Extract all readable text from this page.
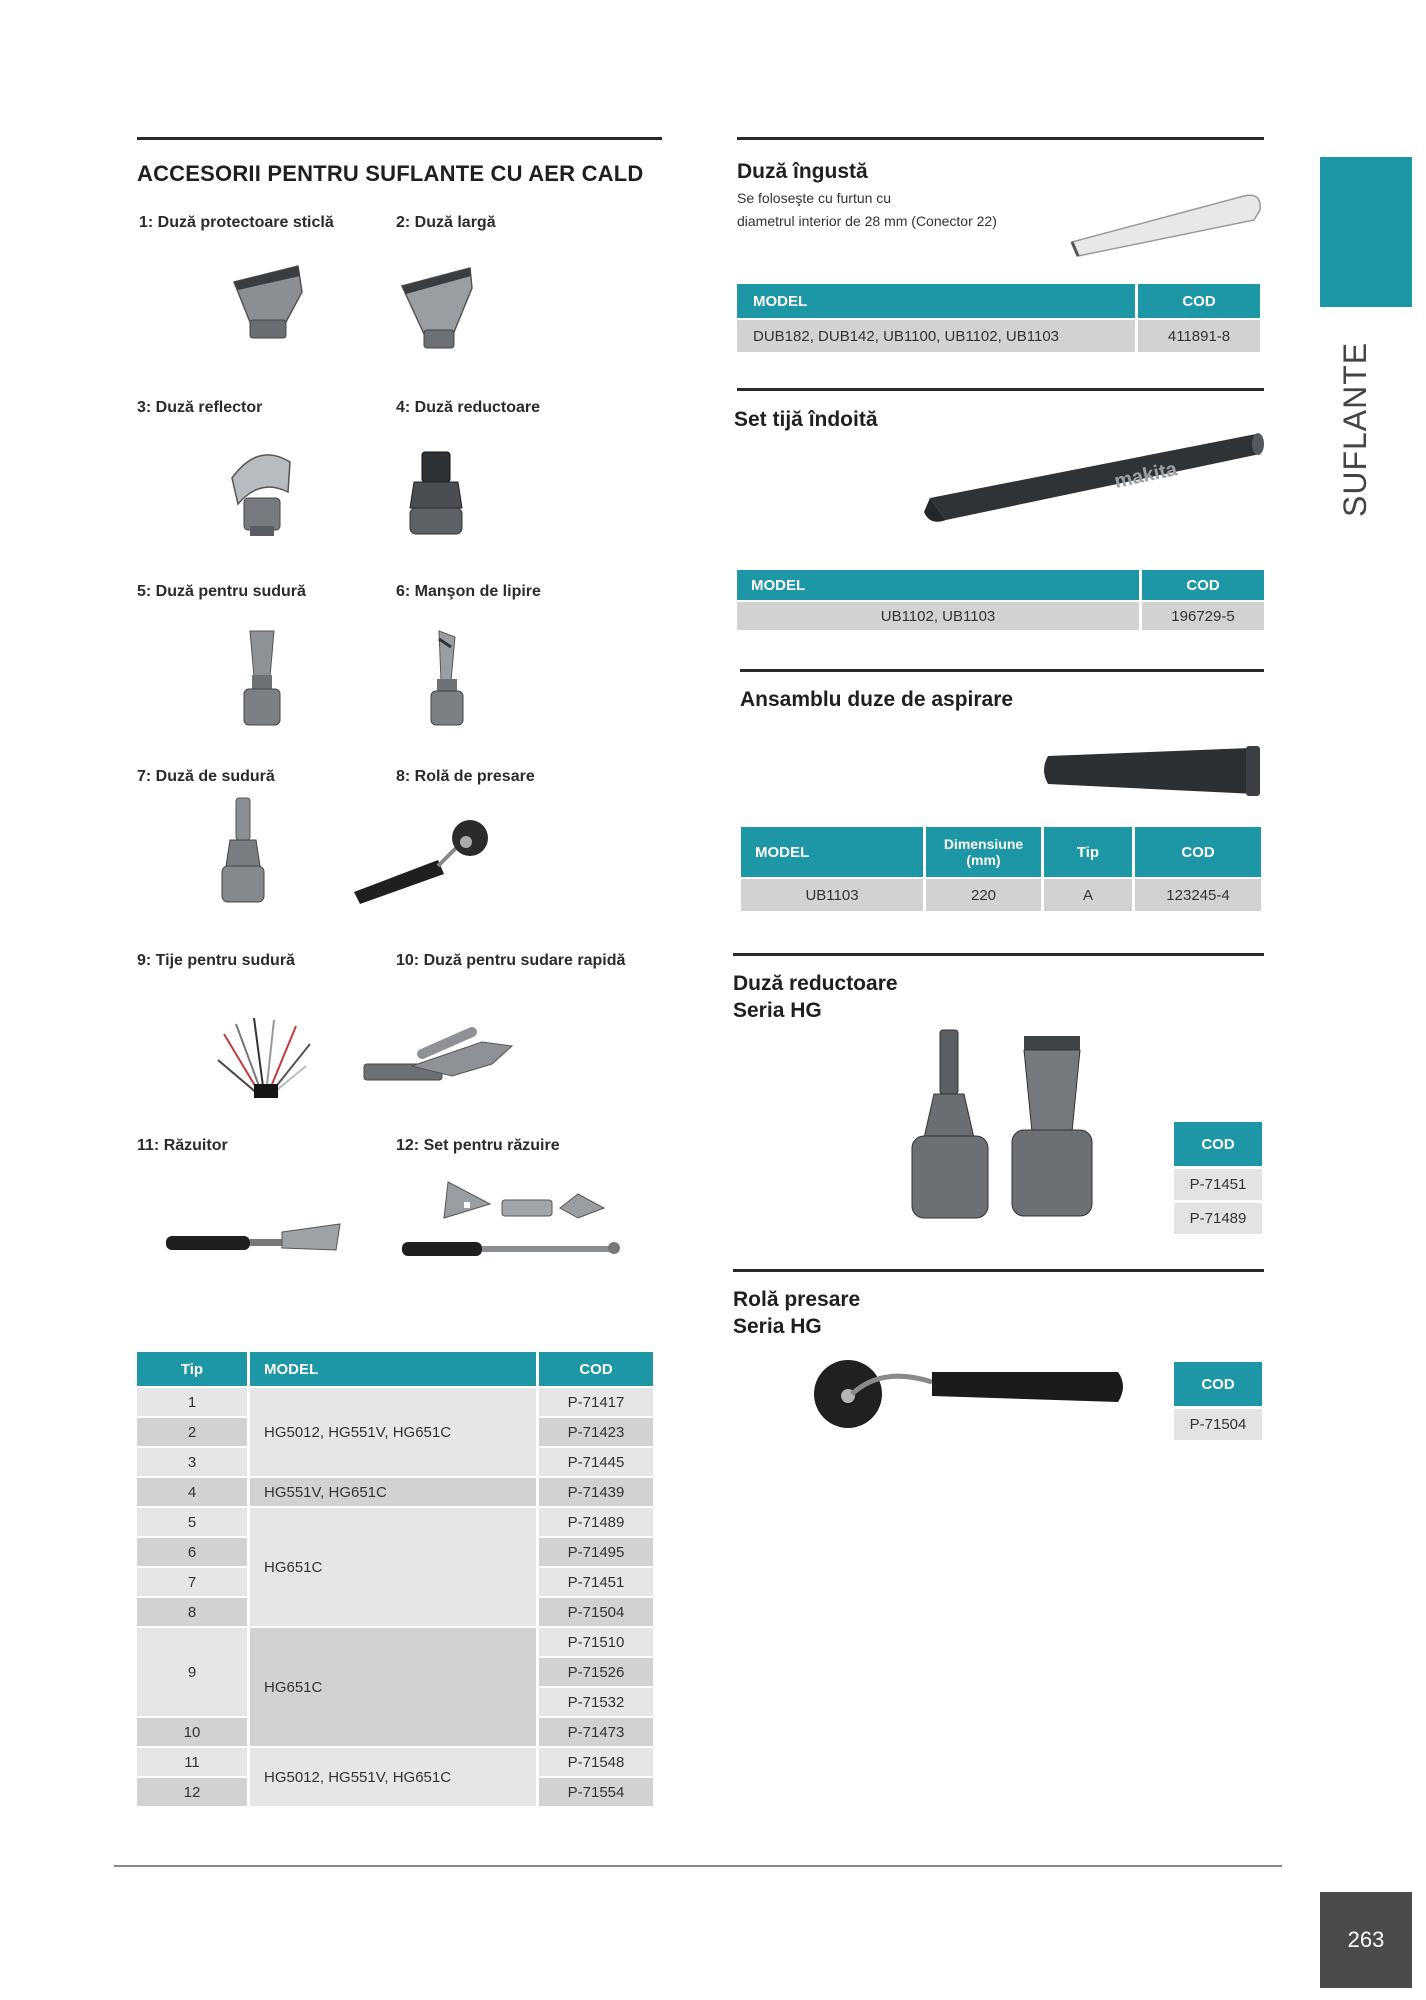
SUFLANTE
263
ACCESORII PENTRU SUFLANTE CU AER CALD
1: Duză protectoare sticlă	2: Duză largă
3: Duză reflector	4: Duză reductoare
5: Duză pentru sudură	6: Manşon de lipire
7: Duză de sudură	8: Rolă de presare
9: Tije pentru sudură	10: Duză pentru sudare rapidă
11: Răzuitor	12: Set pentru răzuire
Tip	MODEL	COD
1	HG5012, HG551V, HG651C	P-71417
2		P-71423
3		P-71445
4	HG551V, HG651C	P-71439
5	HG651C	P-71489
6		P-71495
7		P-71451
8		P-71504
9	HG651C	P-71510
		P-71526
		P-71532
10		P-71473
11	HG5012, HG551V, HG651C	P-71548
12		P-71554
Duză îngustă
Se foloseşte cu furtun cu
diametrul interior de 28 mm (Conector 22)
MODEL	COD
DUB182, DUB142, UB1100, UB1102, UB1103	411891-8
Set tijă îndoită
makita
MODEL	COD
UB1102, UB1103	196729-5
Ansamblu duze de aspirare
MODEL	Dimensiune (mm)	Tip	COD
UB1103	220	A	123245-4
Duză reductoare
Seria HG
COD
P-71451
P-71489
Rolă presare
Seria HG
COD
P-71504
